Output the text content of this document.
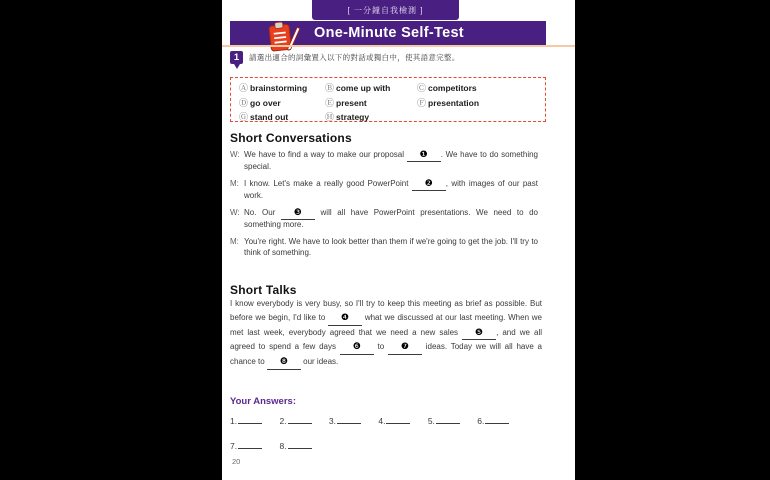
[ 一分鐘自我檢測 ]
One-Minute Self-Test
1	請選出適合的詞彙置入以下的對話或獨白中，使其語意完整。
Ⓐ brainstorming	Ⓑ come up with	Ⓒ competitors
Ⓓ go over	Ⓔ present	Ⓕ presentation
Ⓖ stand out	Ⓗ strategy
Short Conversations
W: We have to find a way to make our proposal ❶ . We have to do something special.
M: I know. Let's make a really good PowerPoint ❷ , with images of our past work.
W: No. Our ❸ will all have PowerPoint presentations. We need to do something more.
M: You're right. We have to look better than them if we're going to get the job. I'll try to think of something.
Short Talks
I know everybody is very busy, so I'll try to keep this meeting as brief as possible. But before we begin, I'd like to ❹ what we discussed at our last meeting. When we met last week, everybody agreed that we need a new sales ❺ , and we all agreed to spend a few days ❻ to ❼ ideas. Today we will all have a chance to ❽ our ideas.
Your Answers:
1.	2.	3.	4.	5.	6.
7.	8.
20
